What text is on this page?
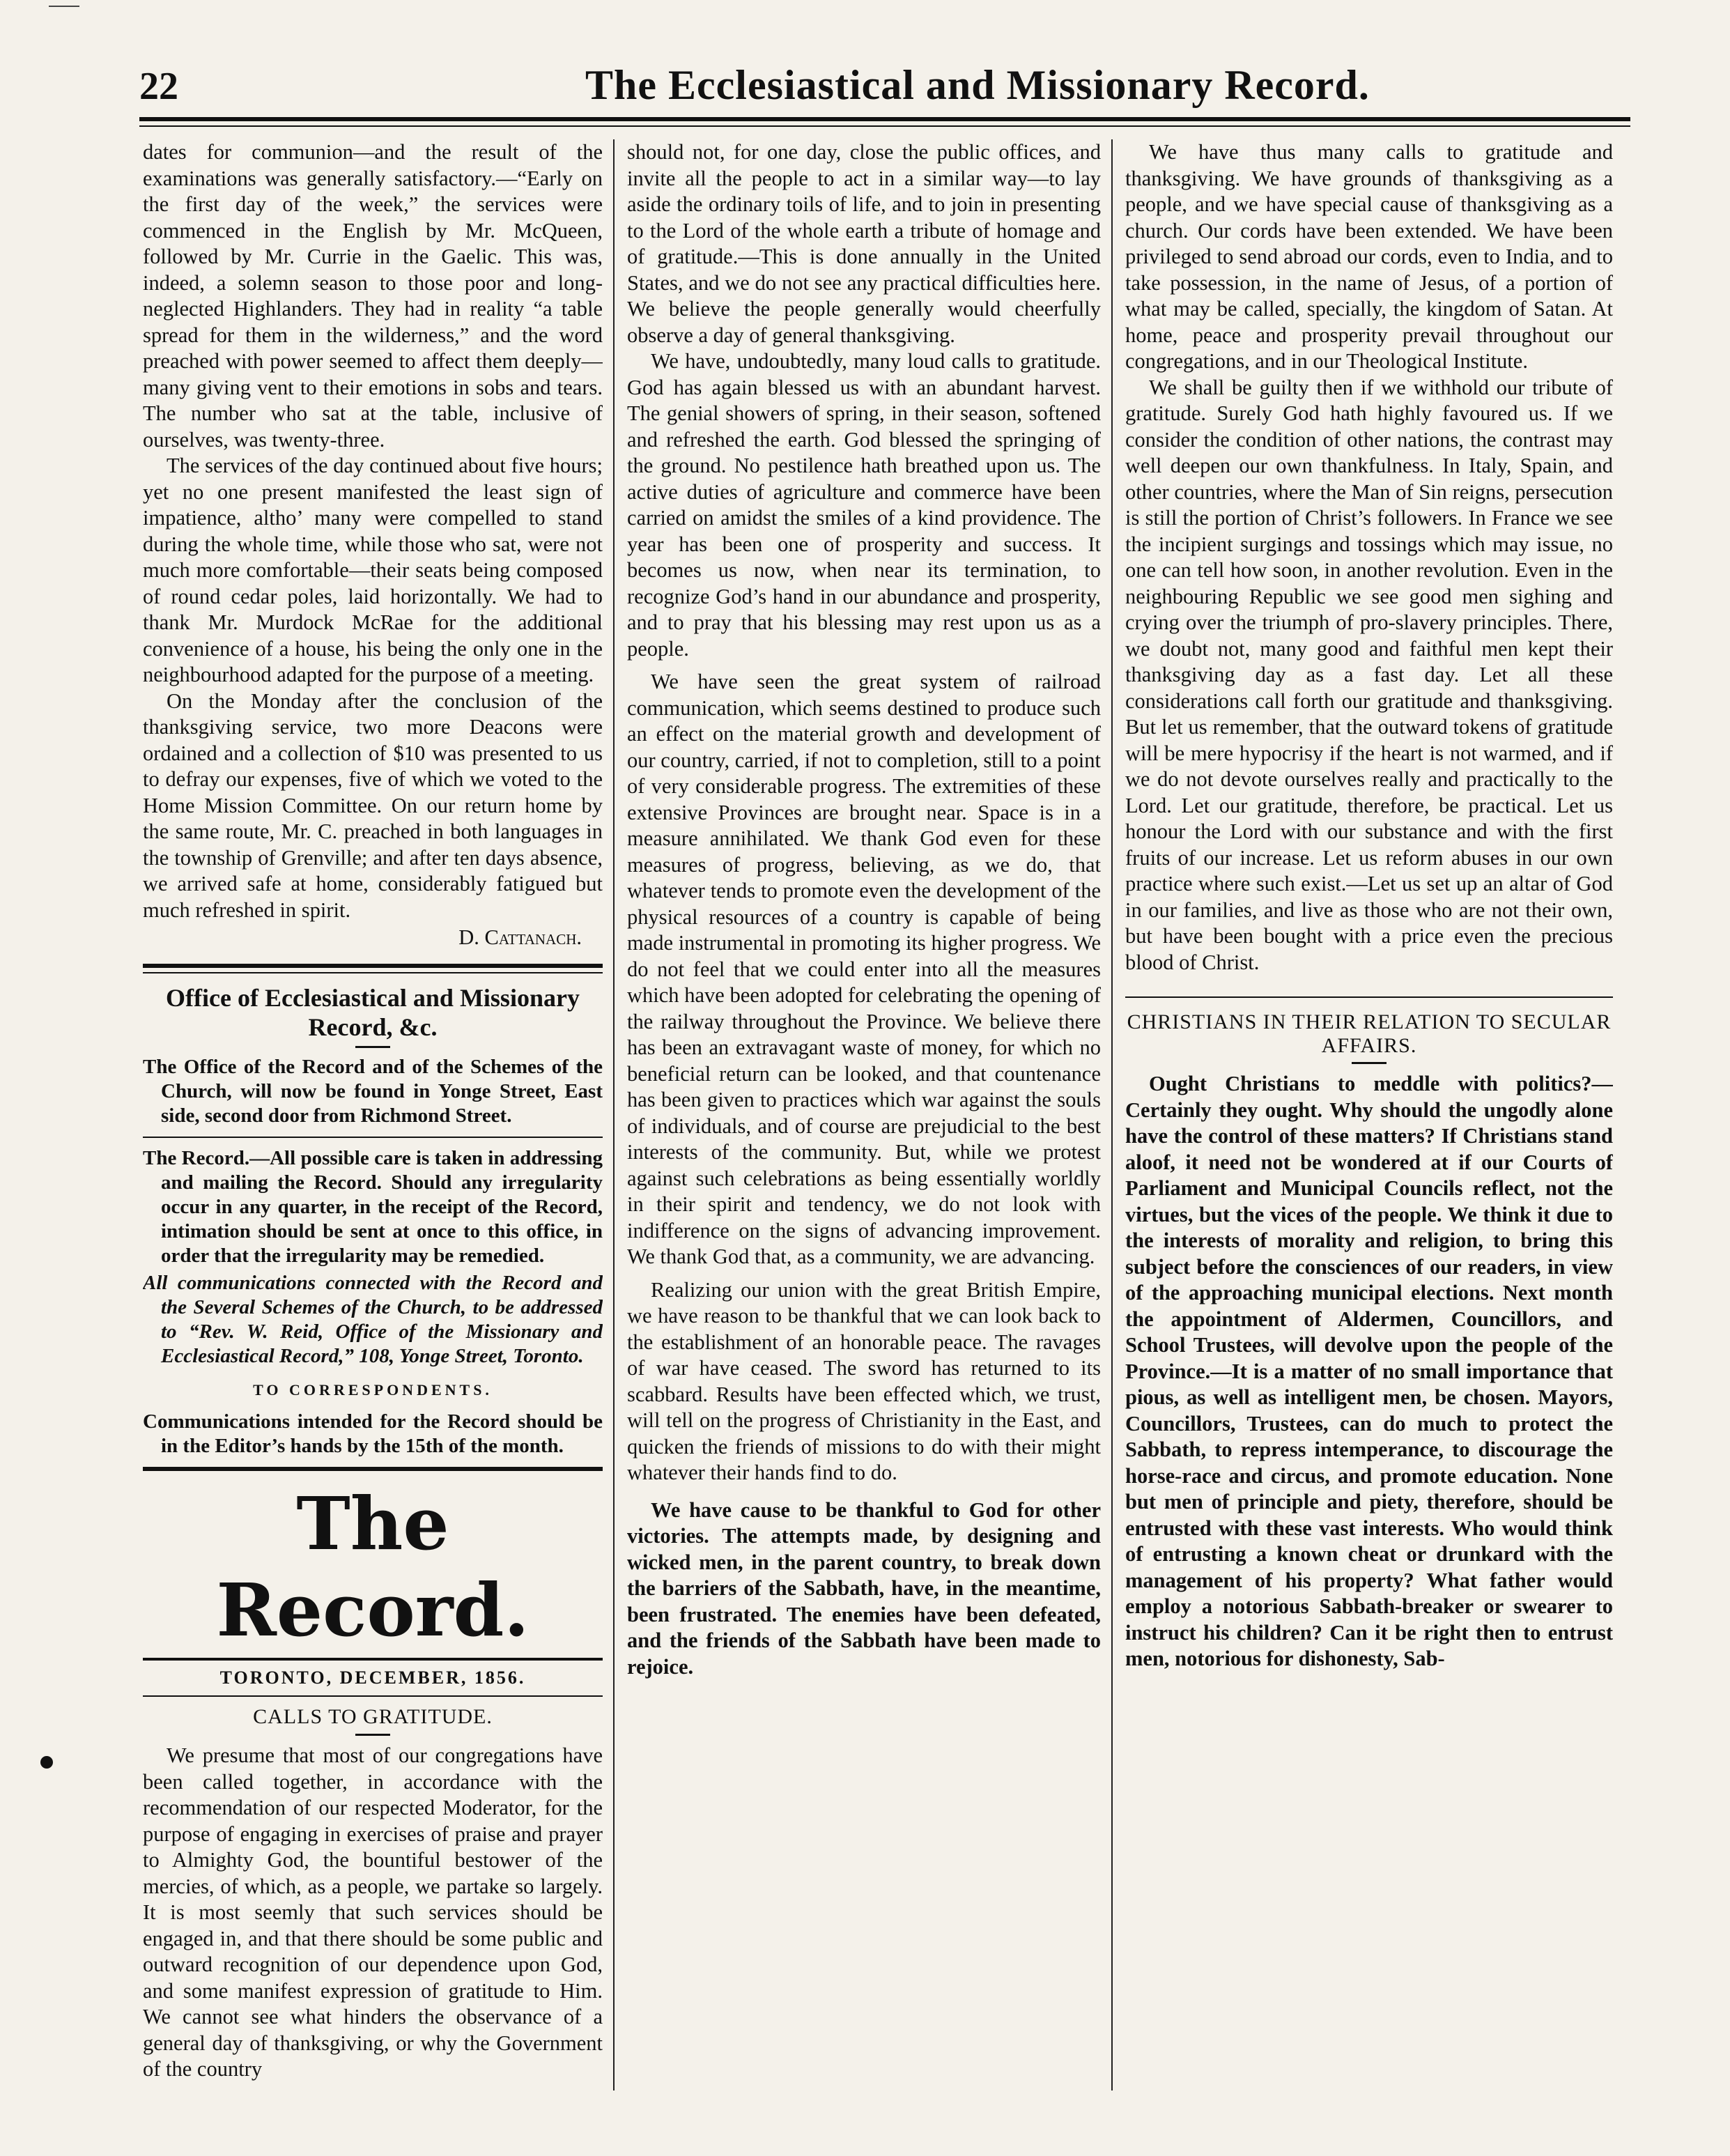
22	The Ecclesiastical and Missionary Record.

dates for communion—and the result of the examinations was generally satisfactory.—“Early on the first day of the week,” the services were commenced in the English by Mr. McQueen, followed by Mr. Currie in the Gaelic. This was, indeed, a solemn season to those poor and long-neglected Highlanders. They had in reality “a table spread for them in the wilderness,” and the word preached with power seemed to affect them deeply—many giving vent to their emotions in sobs and tears. The number who sat at the table, inclusive of ourselves, was twenty-three.

The services of the day continued about five hours; yet no one present manifested the least sign of impatience, altho’ many were compelled to stand during the whole time, while those who sat, were not much more comfortable—their seats being composed of round cedar poles, laid horizontally. We had to thank Mr. Murdock McRae for the additional convenience of a house, his being the only one in the neighbourhood adapted for the purpose of a meeting.

On the Monday after the conclusion of the thanksgiving service, two more Deacons were ordained and a collection of $10 was presented to us to defray our expenses, five of which we voted to the Home Mission Committee. On our return home by the same route, Mr. C. preached in both languages in the township of Grenville; and after ten days absence, we arrived safe at home, considerably fatigued but much refreshed in spirit.

D. Cattanach.

Office of Ecclesiastical and Missionary Record, &c.

The Office of the Record and of the Schemes of the Church, will now be found in Yonge Street, East side, second door from Richmond Street.

The Record.—All possible care is taken in addressing and mailing the Record. Should any irregularity occur in any quarter, in the receipt of the Record, intimation should be sent at once to this office, in order that the irregularity may be remedied.

All communications connected with the Record and the Several Schemes of the Church, to be addressed to “Rev. W. Reid, Office of the Missionary and Ecclesiastical Record,” 108, Yonge Street, Toronto.

TO CORRESPONDENTS.

Communications intended for the Record should be in the Editor’s hands by the 15th of the month.

The Record.
TORONTO, DECEMBER, 1856.
CALLS TO GRATITUDE.

We presume that most of our congregations have been called together, in accordance with the recommendation of our respected Moderator, for the purpose of engaging in exercises of praise and prayer to Almighty God, the bountiful bestower of the mercies, of which, as a people, we partake so largely. It is most seemly that such services should be engaged in, and that there should be some public and outward recognition of our dependence upon God, and some manifest expression of gratitude to Him. We cannot see what hinders the observance of a general day of thanksgiving, or why the Government of the country

should not, for one day, close the public offices, and invite all the people to act in a similar way—to lay aside the ordinary toils of life, and to join in presenting to the Lord of the whole earth a tribute of homage and of gratitude.—This is done annually in the United States, and we do not see any practical difficulties here. We believe the people generally would cheerfully observe a day of general thanksgiving.

We have, undoubtedly, many loud calls to gratitude. God has again blessed us with an abundant harvest. The genial showers of spring, in their season, softened and refreshed the earth. God blessed the springing of the ground. No pestilence hath breathed upon us. The active duties of agriculture and commerce have been carried on amidst the smiles of a kind providence. The year has been one of prosperity and success. It becomes us now, when near its termination, to recognize God’s hand in our abundance and prosperity, and to pray that his blessing may rest upon us as a people.

We have seen the great system of railroad communication, which seems destined to produce such an effect on the material growth and development of our country, carried, if not to completion, still to a point of very considerable progress. The extremities of these extensive Provinces are brought near. Space is in a measure annihilated. We thank God even for these measures of progress, believing, as we do, that whatever tends to promote even the development of the physical resources of a country is capable of being made instrumental in promoting its higher progress. We do not feel that we could enter into all the measures which have been adopted for celebrating the opening of the railway throughout the Province. We believe there has been an extravagant waste of money, for which no beneficial return can be looked, and that countenance has been given to practices which war against the souls of individuals, and of course are prejudicial to the best interests of the community. But, while we protest against such celebrations as being essentially worldly in their spirit and tendency, we do not look with indifference on the signs of advancing improvement. We thank God that, as a community, we are advancing.

Realizing our union with the great British Empire, we have reason to be thankful that we can look back to the establishment of an honorable peace. The ravages of war have ceased. The sword has returned to its scabbard. Results have been effected which, we trust, will tell on the progress of Christianity in the East, and quicken the friends of missions to do with their might whatever their hands find to do.

We have cause to be thankful to God for other victories. The attempts made, by designing and wicked men, in the parent country, to break down the barriers of the Sabbath, have, in the meantime, been frustrated. The enemies have been defeated, and the friends of the Sabbath have been made to rejoice.

We have thus many calls to gratitude and thanksgiving. We have grounds of thanksgiving as a people, and we have special cause of thanksgiving as a church. Our cords have been extended. We have been privileged to send abroad our cords, even to India, and to take possession, in the name of Jesus, of a portion of what may be called, specially, the kingdom of Satan. At home, peace and prosperity prevail throughout our congregations, and in our Theological Institute.

We shall be guilty then if we withhold our tribute of gratitude. Surely God hath highly favoured us. If we consider the condition of other nations, the contrast may well deepen our own thankfulness. In Italy, Spain, and other countries, where the Man of Sin reigns, persecution is still the portion of Christ’s followers. In France we see the incipient surgings and tossings which may issue, no one can tell how soon, in another revolution. Even in the neighbouring Republic we see good men sighing and crying over the triumph of pro-slavery principles. There, we doubt not, many good and faithful men kept their thanksgiving day as a fast day. Let all these considerations call forth our gratitude and thanksgiving. But let us remember, that the outward tokens of gratitude will be mere hypocrisy if the heart is not warmed, and if we do not devote ourselves really and practically to the Lord. Let our gratitude, therefore, be practical. Let us honour the Lord with our substance and with the first fruits of our increase. Let us reform abuses in our own practice where such exist.—Let us set up an altar of God in our families, and live as those who are not their own, but have been bought with a price even the precious blood of Christ.

CHRISTIANS IN THEIR RELATION TO SECULAR AFFAIRS.

Ought Christians to meddle with politics?—Certainly they ought. Why should the ungodly alone have the control of these matters? If Christians stand aloof, it need not be wondered at if our Courts of Parliament and Municipal Councils reflect, not the virtues, but the vices of the people. We think it due to the interests of morality and religion, to bring this subject before the consciences of our readers, in view of the approaching municipal elections. Next month the appointment of Aldermen, Councillors, and School Trustees, will devolve upon the people of the Province.—It is a matter of no small importance that pious, as well as intelligent men, be chosen. Mayors, Councillors, Trustees, can do much to protect the Sabbath, to repress intemperance, to discourage the horse-race and circus, and promote education. None but men of principle and piety, therefore, should be entrusted with these vast interests. Who would think of entrusting a known cheat or drunkard with the management of his property? What father would employ a notorious Sabbath-breaker or swearer to instruct his children? Can it be right then to entrust men, notorious for dishonesty, Sab-
